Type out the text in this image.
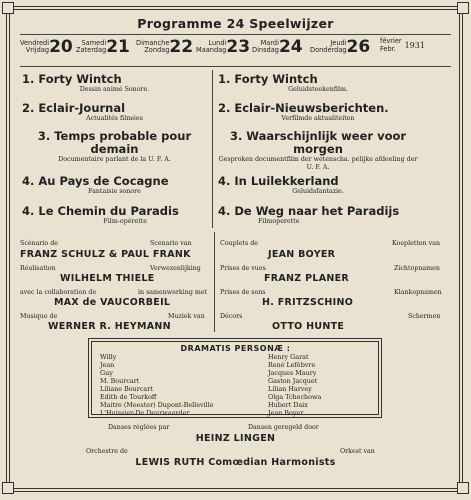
Programme 24 Speelwijzer
Vendredi
Vrijdag 20	Samedi
Zaterdag 21 Dimanche
Zondag 22	Lundi
Maandag 23	Mardi
Dinsdag 24	Jeudi
Donderdag 26 février
Febr.	1931
1. Forty Wintch
Dessin animé Sonore.
2. Eclair-Journal
Actualités filmées
3. Temps probable pour demain
Documentaire parlant de la U. F. A.
4. Au Pays de Cocagne
Fantaisie sonore
4. Le Chemin du Paradis
Film-opérette
1. Forty Wintch
Geluidsteekenfilm.
2. Eclair-Nieuwsberichten.
Verfilmde aktualiteiten
3. Waarschijnlijk weer voor morgen
Gesproken documentfilm der wetenscha. pelijke afdeeling der U. F. A.
4. In Luilekkerland
Geluidsfantazie.
4. De Weg naar het Paradijs
Filmoperette
Scénario de	Scenario van
FRANZ SCHULZ & PAUL FRANK
Réalisation	Verwezenlijking
WILHELM THIELE
avec la collaboration de	in samenwerking met
MAX de VAUCORBEIL
Musique de	Muziek van
WERNER R. HEYMANN
Couplets de	Koepletten van
JEAN BOYER
Prises de vues	Zichtopnamen
FRANZ PLANER
Prises de sons	Klankopnamen
H. FRITZSCHINO
Décors	Schermen
OTTO HUNTE
DRAMATIS PERSONÆ :
Willy	Henry Garat
Jean	René Lefèbvre
Guy	Jacques Maury
M. Bourcart	Gaston Jacquet
Liliane Bourcart	Lilian Harvey
Edith de Tourkoff	Olga Tchechowa
Maitre (Meester) Dupont-Belleville	Hubert Daix
L'Huissier-De Deurwaarder	Jean Boyer
Danses réglées par	Dansen geregeld door
HEINZ LINGEN
Orchestre de	Orkest van
LEWIS RUTH Comœdian Harmonists
